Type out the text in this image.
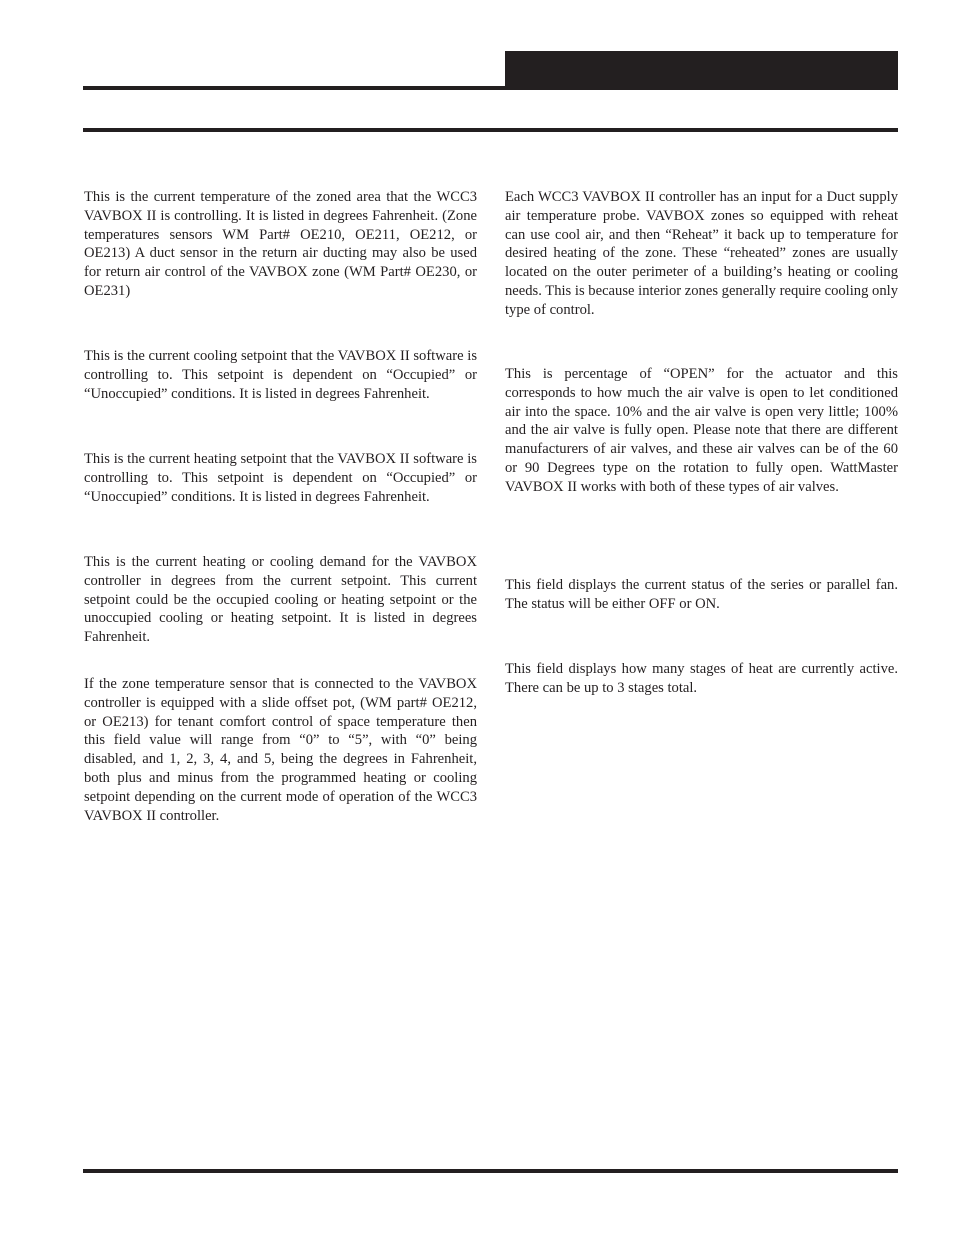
This is the current temperature of the zoned area that the WCC3 VAVBOX II is controlling. It is listed in degrees Fahrenheit. (Zone temperatures sensors WM Part# OE210, OE211, OE212, or OE213) A duct sensor in the return air ducting may also be used for return air control of the VAVBOX zone (WM Part# OE230, or OE231)

This is the current cooling setpoint that the VAVBOX II software is controlling to. This setpoint is dependent on “Occupied” or “Unoccupied” conditions. It is listed in degrees Fahrenheit.

This is the current heating setpoint that the VAVBOX II software is controlling to. This setpoint is dependent on “Occupied” or “Unoccupied” conditions. It is listed in degrees Fahrenheit.

This is the current heating or cooling demand for the VAVBOX controller in degrees from the current setpoint. This current setpoint could be the occupied cooling or heating setpoint or the unoccupied cooling or heating setpoint. It is listed in degrees Fahrenheit.

If the zone temperature sensor that is connected to the VAVBOX controller is equipped with a slide offset pot, (WM part# OE212, or OE213) for tenant comfort control of space temperature then this field value will range from “0” to “5”, with “0” being disabled, and 1, 2, 3, 4, and 5, being the degrees in Fahrenheit, both plus and minus from the programmed heating or cooling setpoint depending on the current mode of operation of the WCC3 VAVBOX II controller.

Each WCC3 VAVBOX II controller has an input for a Duct supply air temperature probe. VAVBOX zones so equipped with reheat can use cool air, and then “Reheat” it back up to temperature for desired heating of the zone. These “reheated” zones are usually located on the outer perimeter of a building’s heating or cooling needs. This is because interior zones generally require cooling only type of control.

This is percentage of “OPEN” for the actuator and this corresponds to how much the air valve is open to let conditioned air into the space. 10% and the air valve is open very little; 100% and the air valve is fully open. Please note that there are different manufacturers of air valves, and these air valves can be of the 60 or 90 Degrees type on the rotation to fully open. WattMaster VAVBOX II works with both of these types of air valves.

This field displays the current status of the series or parallel fan. The status will be either OFF or ON.

This field displays how many stages of heat are currently active. There can be up to 3 stages total.
